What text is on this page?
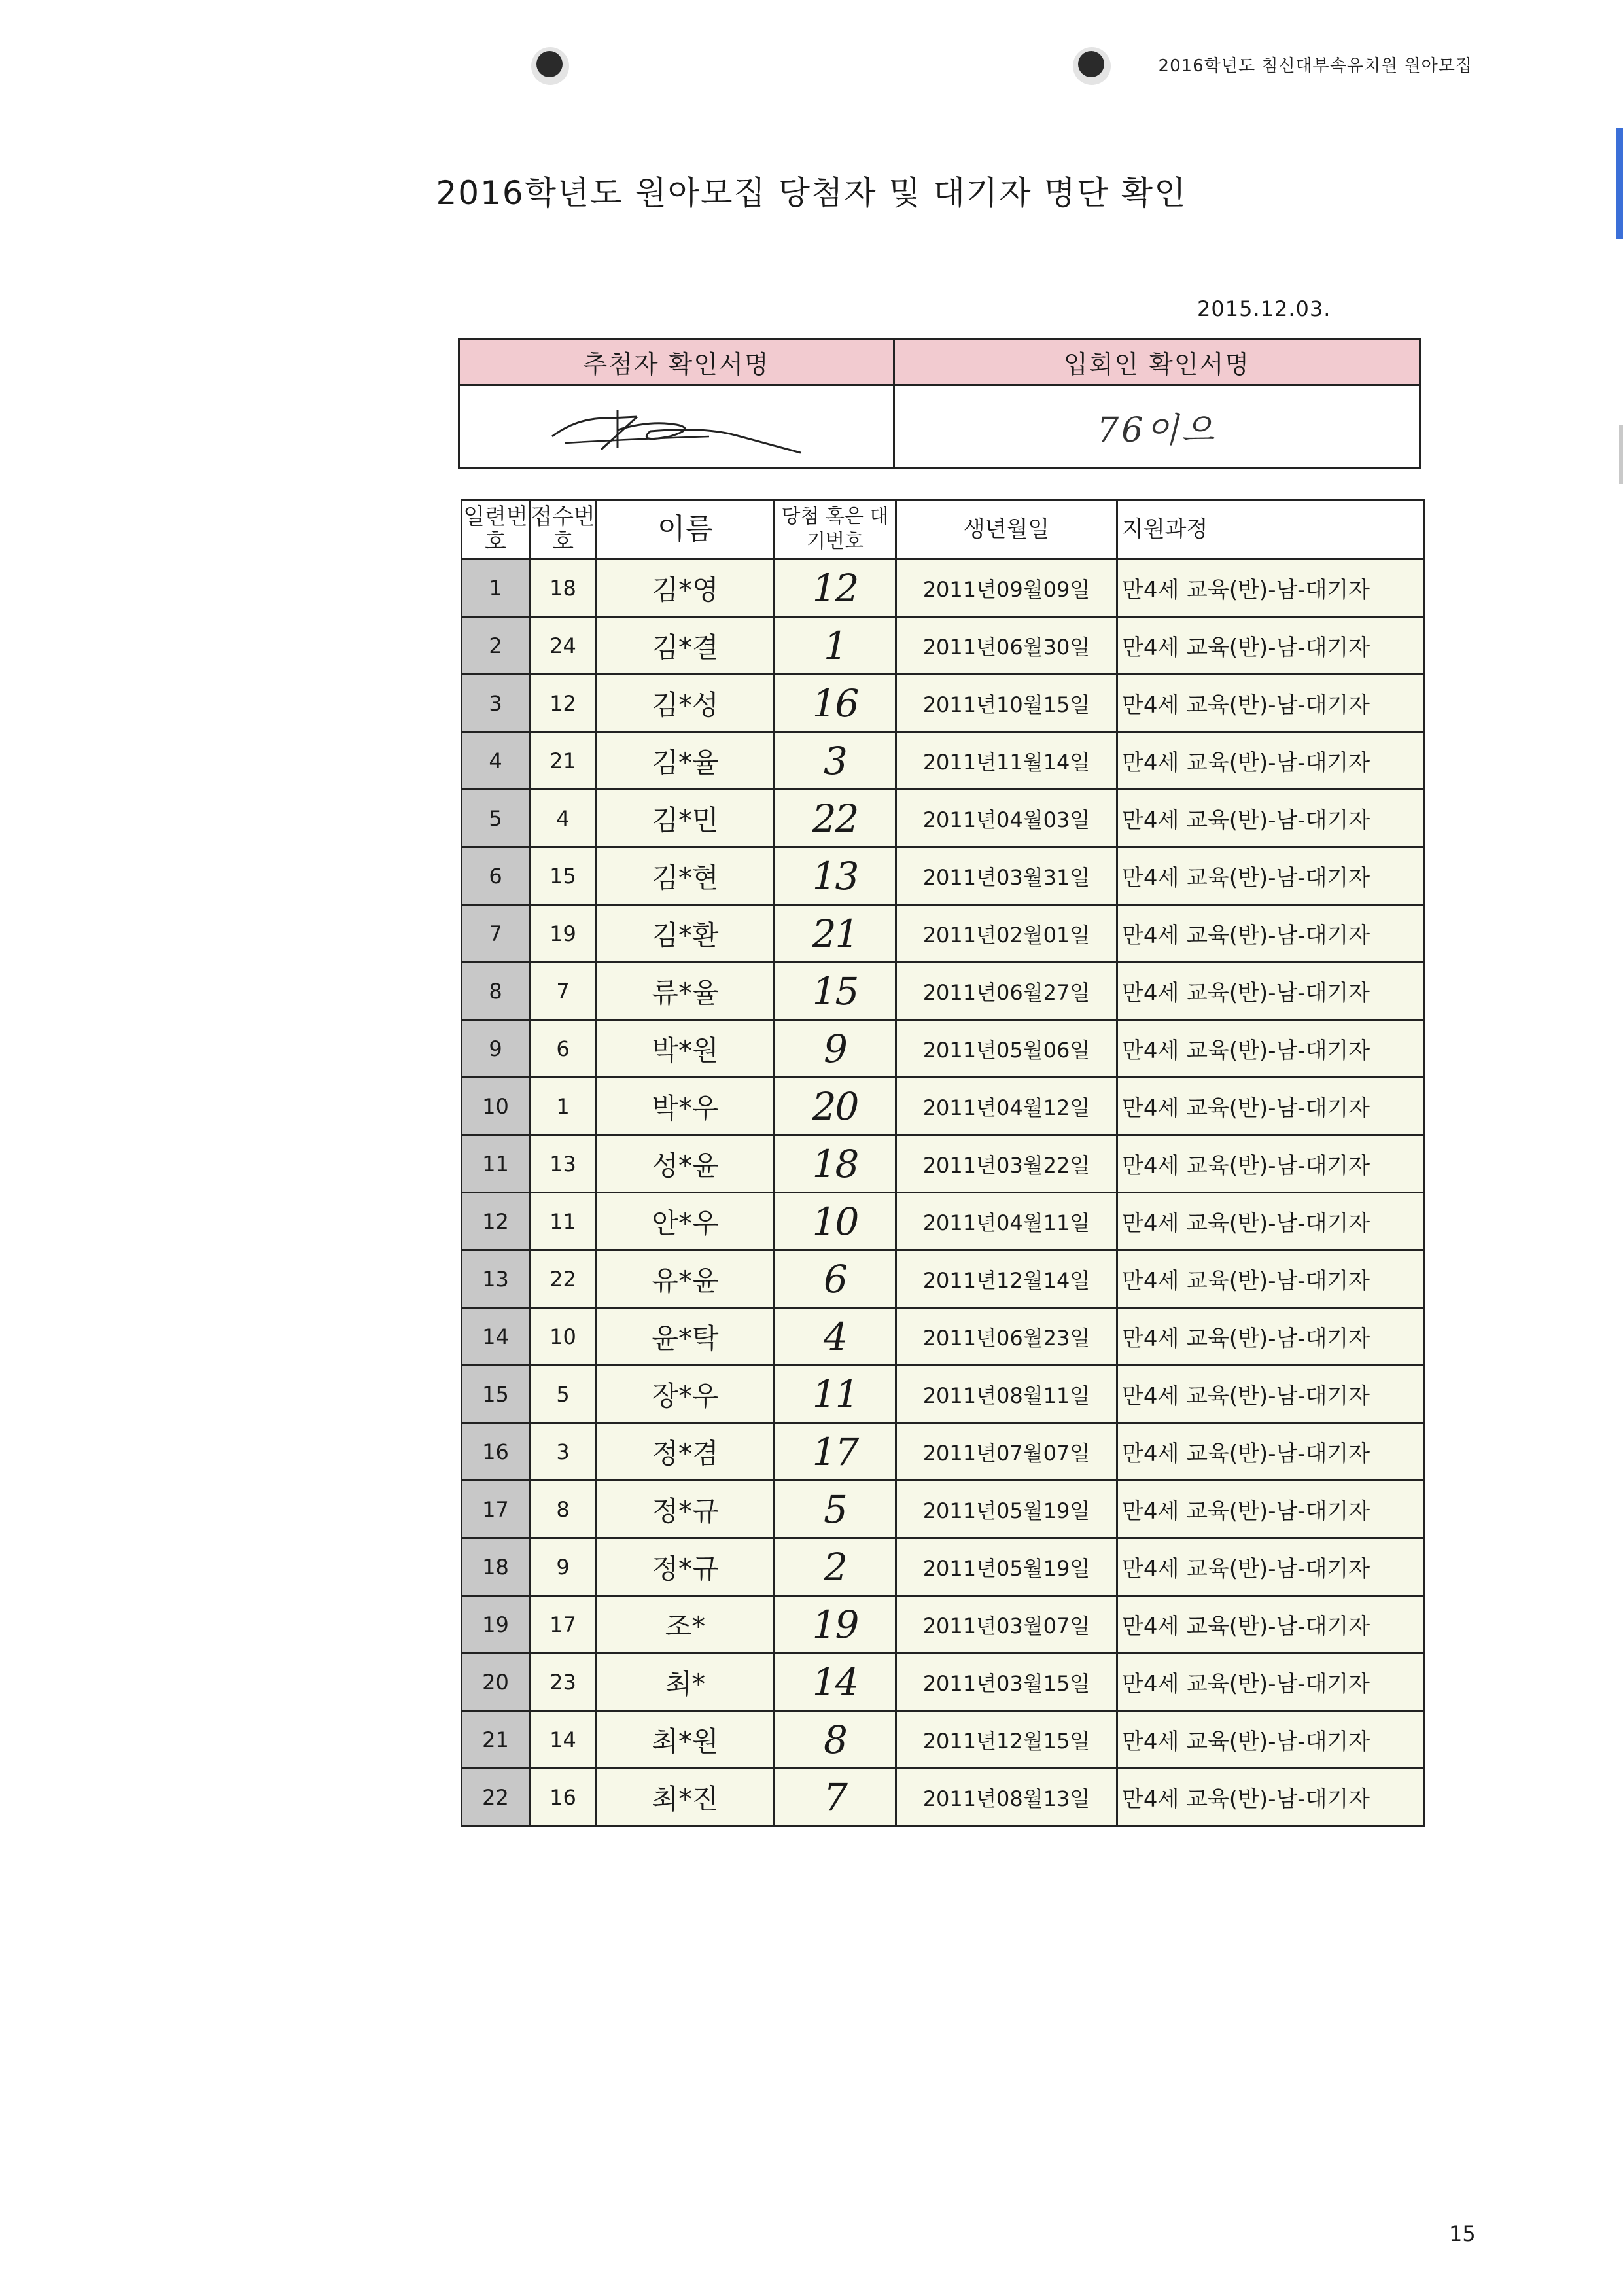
2016학년도 침신대부속유치원 원아모집
2016학년도 원아모집 당첨자 및 대기자 명단 확인
2015.12.03.
추첨자 확인서명	입회인 확인서명

	76이으
일련번호	접수번호	이름	당첨 혹은 대기번호	생년월일	지원과정
1	18	김*영	12	2011년09월09일	만4세 교육(반)-남-대기자
2	24	김*결	1	2011년06월30일	만4세 교육(반)-남-대기자
3	12	김*성	16	2011년10월15일	만4세 교육(반)-남-대기자
4	21	김*율	3	2011년11월14일	만4세 교육(반)-남-대기자
5	4	김*민	22	2011년04월03일	만4세 교육(반)-남-대기자
6	15	김*현	13	2011년03월31일	만4세 교육(반)-남-대기자
7	19	김*환	21	2011년02월01일	만4세 교육(반)-남-대기자
8	7	류*율	15	2011년06월27일	만4세 교육(반)-남-대기자
9	6	박*원	9	2011년05월06일	만4세 교육(반)-남-대기자
10	1	박*우	20	2011년04월12일	만4세 교육(반)-남-대기자
11	13	성*윤	18	2011년03월22일	만4세 교육(반)-남-대기자
12	11	안*우	10	2011년04월11일	만4세 교육(반)-남-대기자
13	22	유*윤	6	2011년12월14일	만4세 교육(반)-남-대기자
14	10	윤*탁	4	2011년06월23일	만4세 교육(반)-남-대기자
15	5	장*우	11	2011년08월11일	만4세 교육(반)-남-대기자
16	3	정*겸	17	2011년07월07일	만4세 교육(반)-남-대기자
17	8	정*규	5	2011년05월19일	만4세 교육(반)-남-대기자
18	9	정*규	2	2011년05월19일	만4세 교육(반)-남-대기자
19	17	조*	19	2011년03월07일	만4세 교육(반)-남-대기자
20	23	최*	14	2011년03월15일	만4세 교육(반)-남-대기자
21	14	최*원	8	2011년12월15일	만4세 교육(반)-남-대기자
22	16	최*진	7	2011년08월13일	만4세 교육(반)-남-대기자
15
